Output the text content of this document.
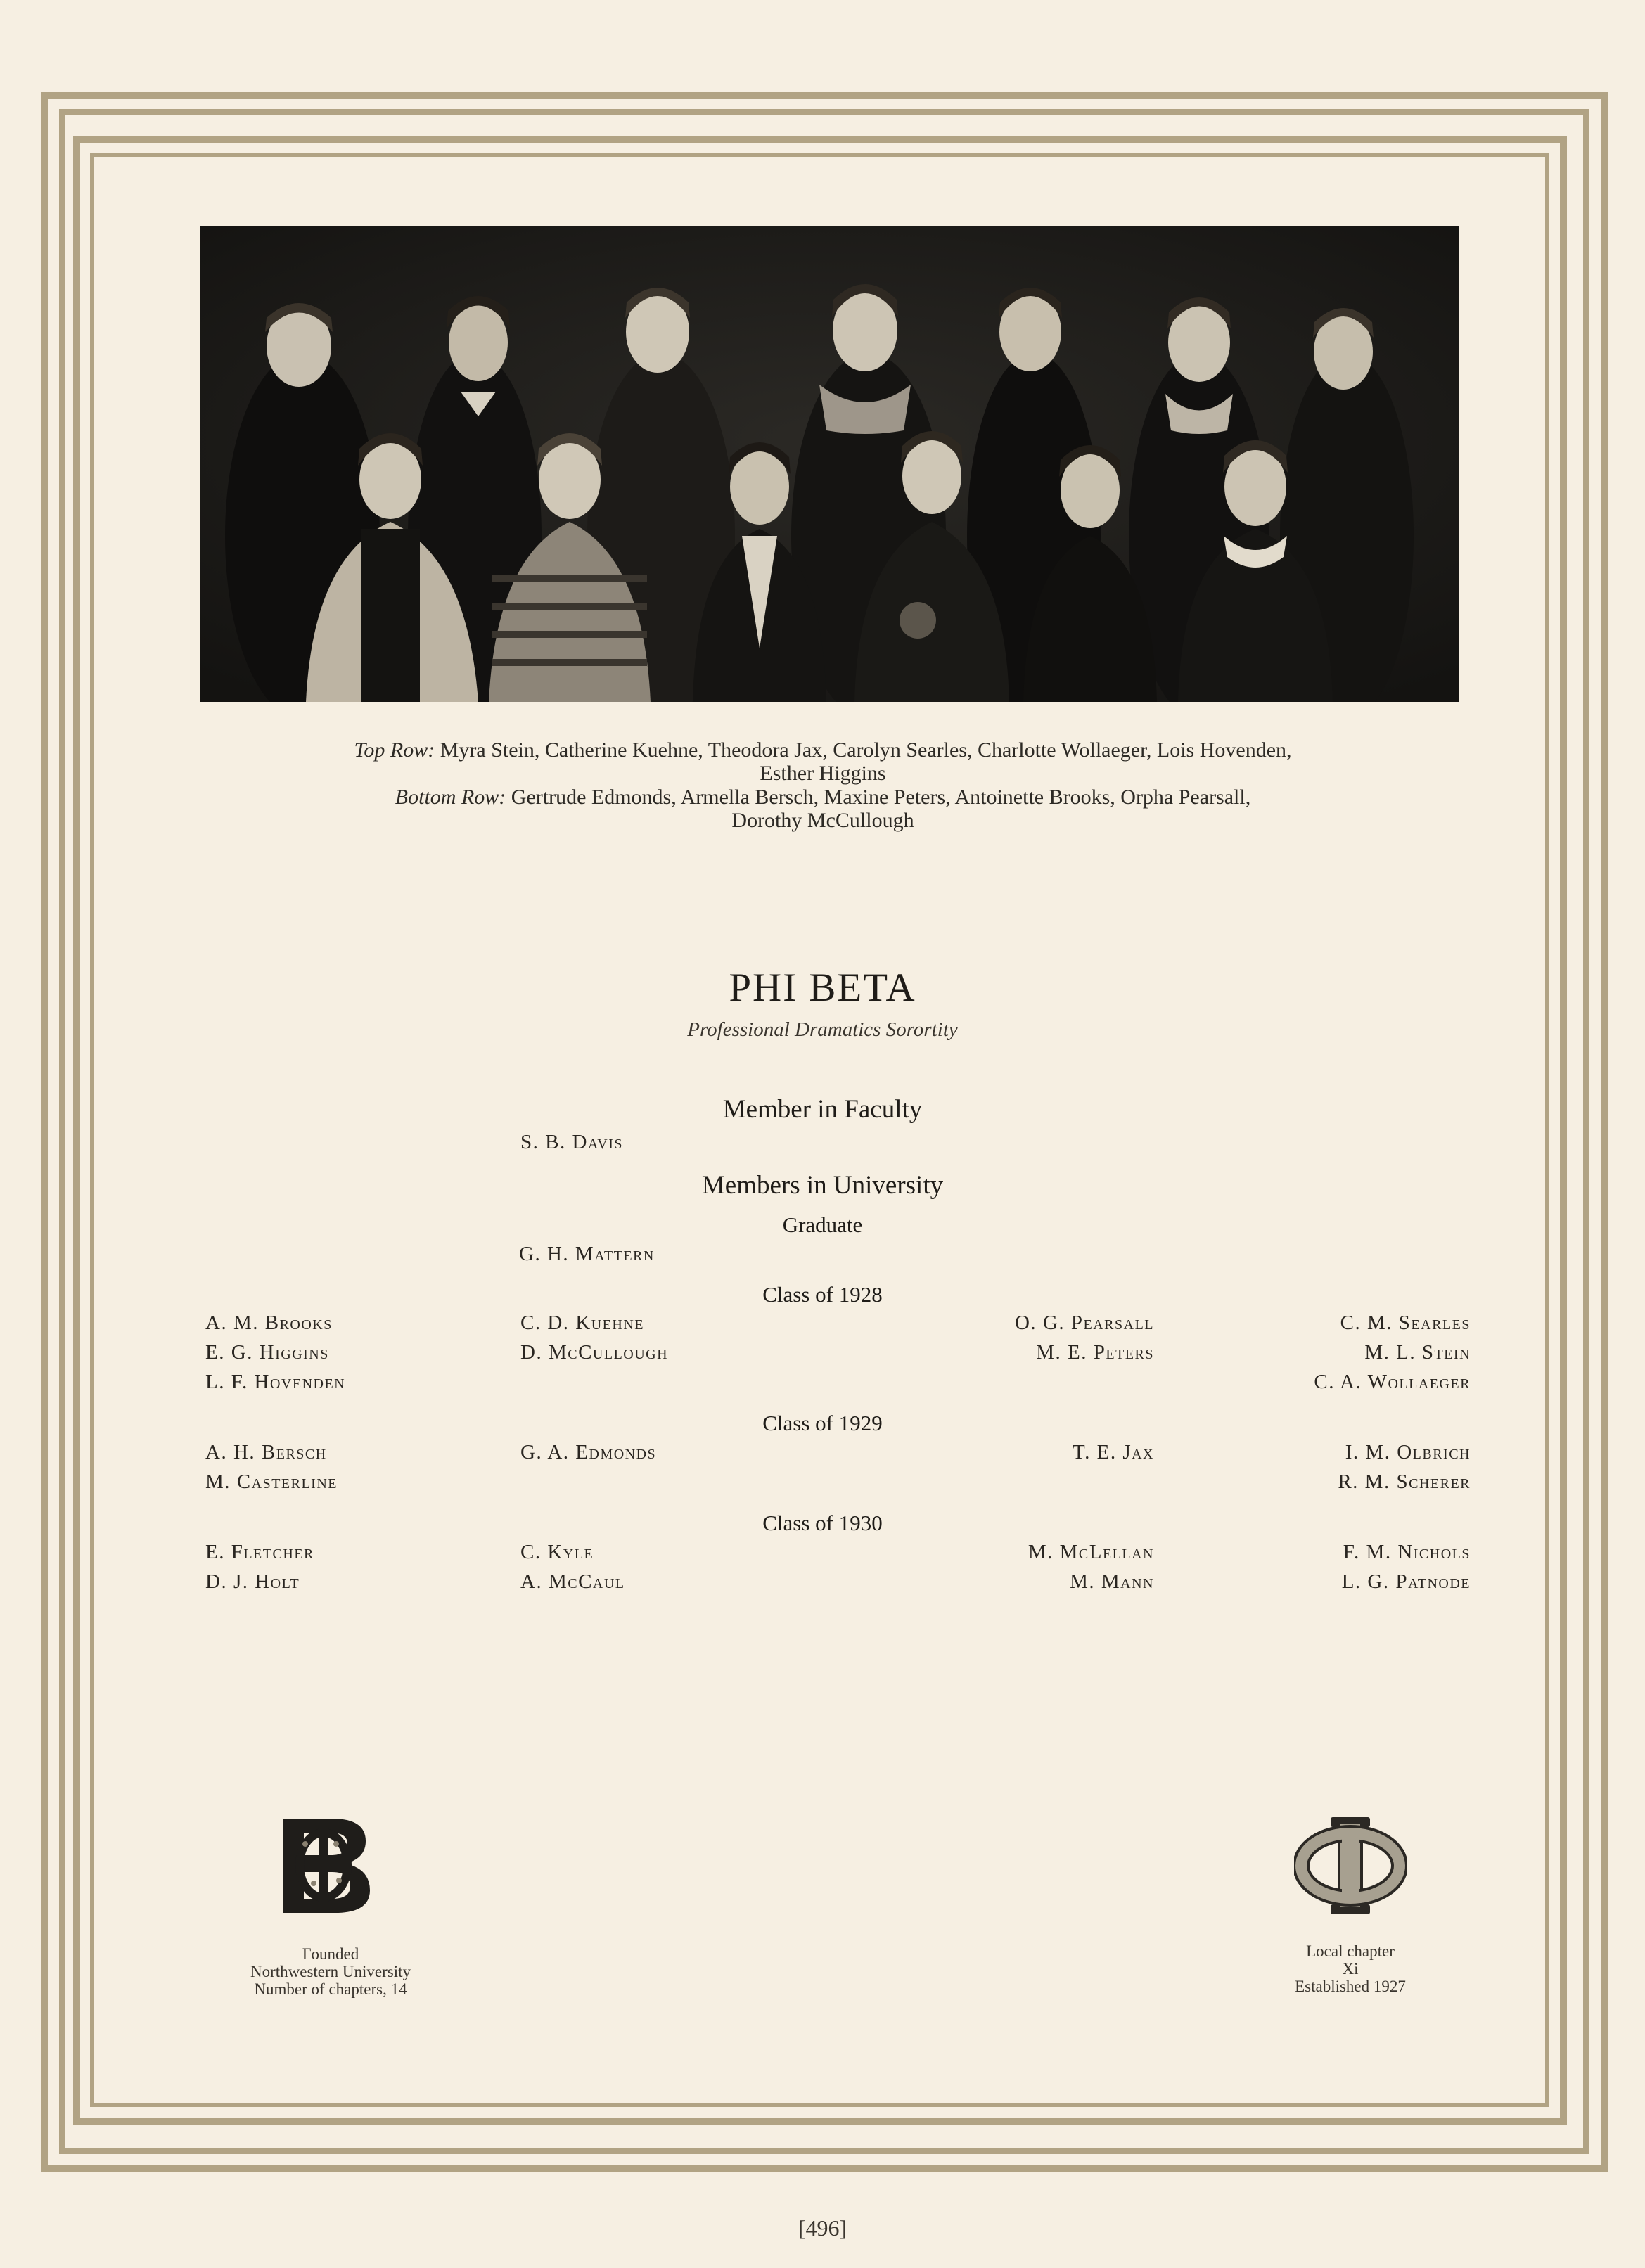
Top Row: Myra Stein, Catherine Kuehne, Theodora Jax, Carolyn Searles, Charlotte Wollaeger, Lois Hovenden,
Esther Higgins
Bottom Row: Gertrude Edmonds, Armella Bersch, Maxine Peters, Antoinette Brooks, Orpha Pearsall,
Dorothy McCullough
PHI BETA
Professional Dramatics Sorortity
Member in Faculty
S. B. Davis
Members in University
Graduate
G. H. Mattern
Class of 1928
A. M. Brooks
E. G. Higgins
L. F. Hovenden
C. D. Kuehne
D. McCullough
O. G. Pearsall
M. E. Peters
C. M. Searles
M. L. Stein
C. A. Wollaeger
Class of 1929
A. H. Bersch
M. Casterline
G. A. Edmonds	T. E. Jax	I. M. Olbrich
R. M. Scherer
Class of 1930
E. Fletcher
D. J. Holt
C. Kyle
A. McCaul
M. McLellan
M. Mann
F. M. Nichols
L. G. Patnode
Founded
Northwestern University
Number of chapters, 14
Local chapter
Xi
Established 1927
[496]
